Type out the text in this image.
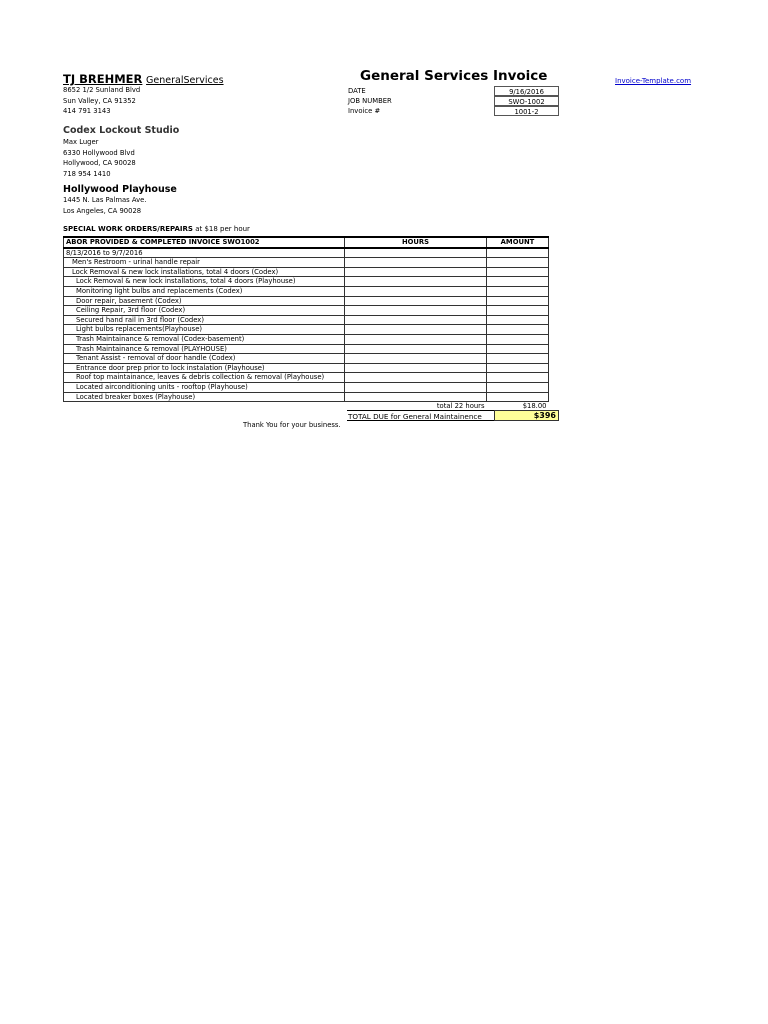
TJ BREHMER GeneralServices	General Services Invoice	Invoice-Template.com
8652 1/2 Sunland Blvd
Sun Valley, CA 91352
414 791 3143
DATE	9/16/2016
JOB NUMBER	SWO-1002
Invoice #	1001-2
Codex Lockout Studio
Max Luger
6330 Hollywood Blvd
Hollywood, CA 90028
718 954 1410
Hollywood Playhouse
1445 N. Las Palmas Ave.
Los Angeles, CA 90028
SPECIAL WORK ORDERS/REPAIRS at $18 per hour
ABOR PROVIDED & COMPLETED INVOICE SWO1002	HOURS	AMOUNT
8/13/2016 to 9/7/2016		
Men's Restroom - urinal handle repair		
Lock Removal & new lock installations, total 4 doors (Codex)		
Lock Removal & new lock installations, total 4 doors (Playhouse)		
Monitoring light bulbs and replacements (Codex)		
Door repair, basement (Codex)		
Ceiling Repair, 3rd floor (Codex)		
Secured hand rail in 3rd floor (Codex)		
Light bulbs replacements(Playhouse)		
Trash Maintainance & removal (Codex-basement)		
Trash Maintainance & removal (PLAYHOUSE)		
Tenant Assist - removal of door handle (Codex)		
Entrance door prep prior to lock instalation (Playhouse)		
Roof top maintainance, leaves & debris collection & removal (Playhouse)		
Located airconditioning units - rooftop (Playhouse)		
Located breaker boxes (Playhouse)		
	total 22 hours	$18.00
TOTAL DUE for General Maintainence	$396
Thank You for your business.
